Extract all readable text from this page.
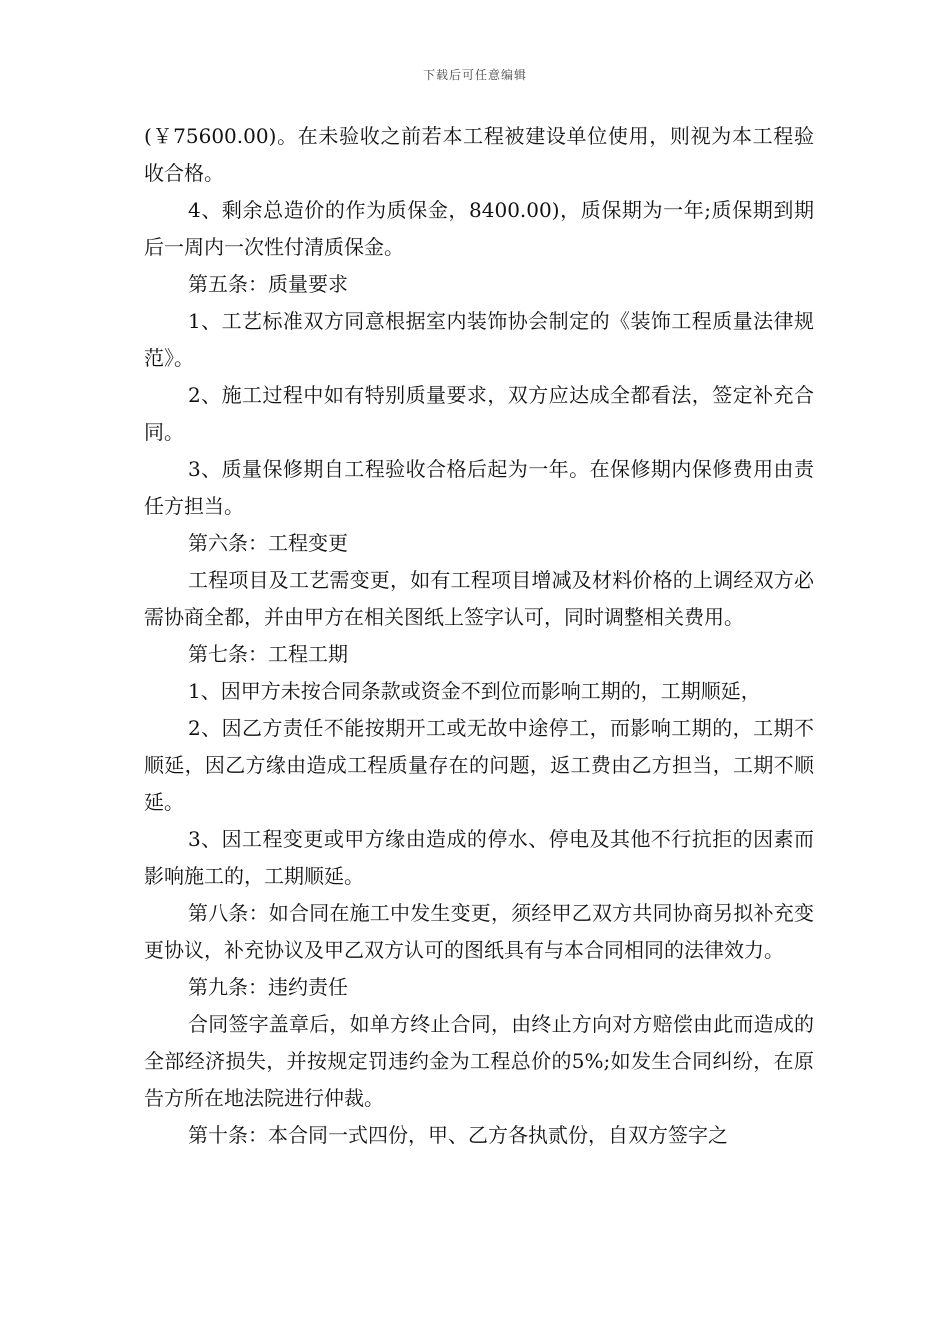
下载后可任意编辑

(￥75600.00)。在未验收之前若本工程被建设单位使用，则视为本工程验收合格。

4、剩余总造价的作为质保金，8400.00)，质保期为一年;质保期到期后一周内一次性付清质保金。

第五条：质量要求

1、工艺标准双方同意根据室内装饰协会制定的《装饰工程质量法律规范》。

2、施工过程中如有特别质量要求，双方应达成全都看法，签定补充合同。

3、质量保修期自工程验收合格后起为一年。在保修期内保修费用由责任方担当。

第六条：工程变更

工程项目及工艺需变更，如有工程项目增减及材料价格的上调经双方必需协商全都，并由甲方在相关图纸上签字认可，同时调整相关费用。

第七条：工程工期

1、因甲方未按合同条款或资金不到位而影响工期的，工期顺延，

2、因乙方责任不能按期开工或无故中途停工，而影响工期的，工期不顺延，因乙方缘由造成工程质量存在的问题，返工费由乙方担当，工期不顺延。

3、因工程变更或甲方缘由造成的停水、停电及其他不行抗拒的因素而影响施工的，工期顺延。

第八条：如合同在施工中发生变更，须经甲乙双方共同协商另拟补充变更协议，补充协议及甲乙双方认可的图纸具有与本合同相同的法律效力。

第九条：违约责任

合同签字盖章后，如单方终止合同，由终止方向对方赔偿由此而造成的全部经济损失，并按规定罚违约金为工程总价的5%;如发生合同纠纷，在原告方所在地法院进行仲裁。

第十条：本合同一式四份，甲、乙方各执贰份，自双方签字之
